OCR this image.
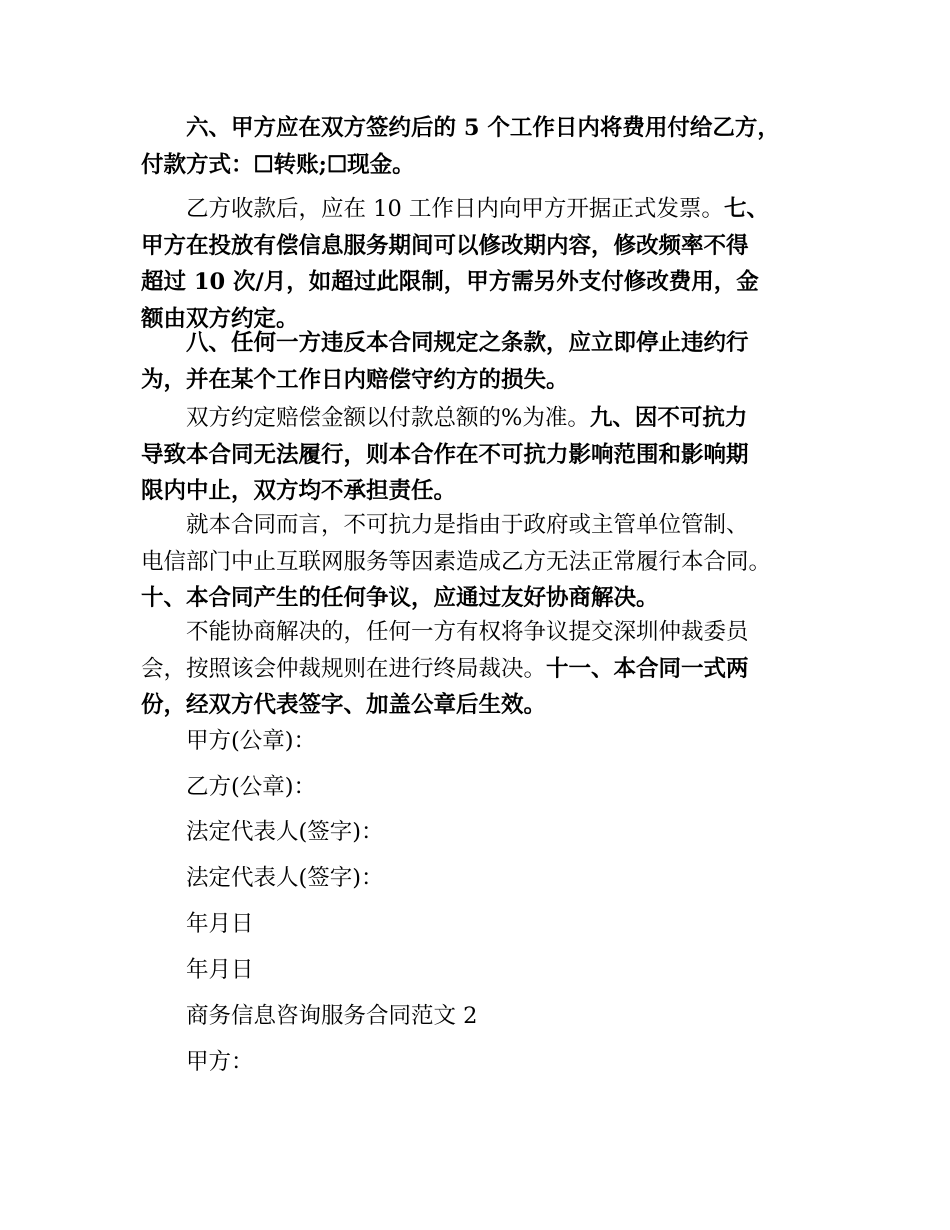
六、甲方应在双方签约后的 5 个工作日内将费用付给乙方，
付款方式：☐转账;☐现金。
乙方收款后，应在 10 工作日内向甲方开据正式发票。七、
甲方在投放有偿信息服务期间可以修改期内容，修改频率不得
超过 10 次/月，如超过此限制，甲方需另外支付修改费用，金
额由双方约定。
八、任何一方违反本合同规定之条款，应立即停止违约行
为，并在某个工作日内赔偿守约方的损失。
双方约定赔偿金额以付款总额的%为准。九、因不可抗力
导致本合同无法履行，则本合作在不可抗力影响范围和影响期
限内中止，双方均不承担责任。
就本合同而言，不可抗力是指由于政府或主管单位管制、
电信部门中止互联网服务等因素造成乙方无法正常履行本合同。
十、本合同产生的任何争议，应通过友好协商解决。
不能协商解决的，任何一方有权将争议提交深圳仲裁委员
会，按照该会仲裁规则在进行终局裁决。十一、本合同一式两
份，经双方代表签字、加盖公章后生效。
甲方(公章)：
乙方(公章)：
法定代表人(签字)：
法定代表人(签字)：
年月日
年月日
商务信息咨询服务合同范文 2
甲方：
